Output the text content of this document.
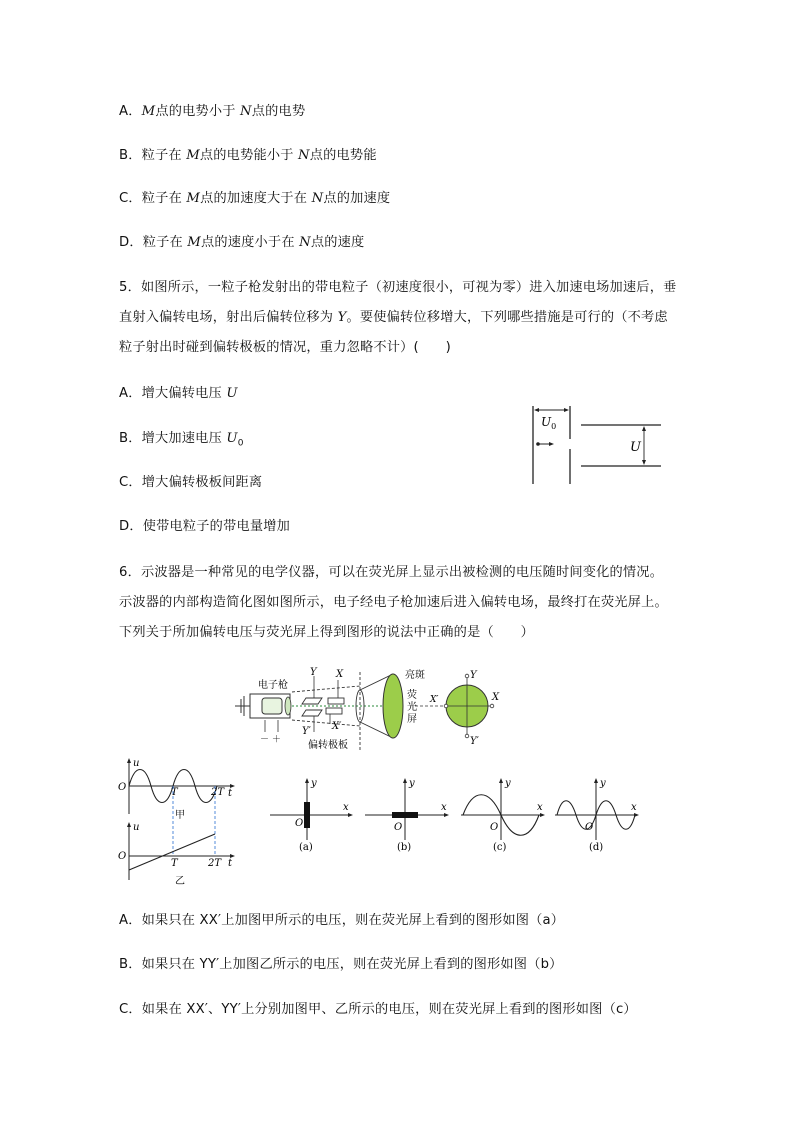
A．M点的电势小于 N点的电势
B．粒子在 M点的电势能小于 N点的电势能
C．粒子在 M点的加速度大于在 N点的加速度
D．粒子在 M点的速度小于在 N点的速度
5．如图所示，一粒子枪发射出的带电粒子（初速度很小，可视为零）进入加速电场加速后，垂
直射入偏转电场，射出后偏转位移为 Y。要使偏转位移增大，下列哪些措施是可行的（不考虑
粒子射出时碰到偏转极板的情况，重力忽略不计）(　　)
A．增大偏转电压 U
B．增大加速电压 $U_0$
C．增大偏转极板间距离
D．使带电粒子的带电量增加
$U_0$
U
6．示波器是一种常见的电学仪器，可以在荧光屏上显示出被检测的电压随时间变化的情况。
示波器的内部构造简化图如图所示，电子经电子枪加速后进入偏转电场，最终打在荧光屏上。
下列关于所加偏转电压与荧光屏上得到图形的说法中正确的是（　　）
－ ＋
电子枪
Y
Y′
X
X′
偏转极板
亮斑
荧
光
屏
X′
Y
Y′
X
u
O
t
T	2T
甲
u
O
t
T	2T
乙
y
x
O
(a)
y
x
O
(b)
y
x
O
(c)
y
x
O
(d)
A．如果只在 XX′上加图甲所示的电压，则在荧光屏上看到的图形如图（a）
B．如果只在 YY′上加图乙所示的电压，则在荧光屏上看到的图形如图（b）
C．如果在 XX′、YY′上分别加图甲、乙所示的电压，则在荧光屏上看到的图形如图（c）
